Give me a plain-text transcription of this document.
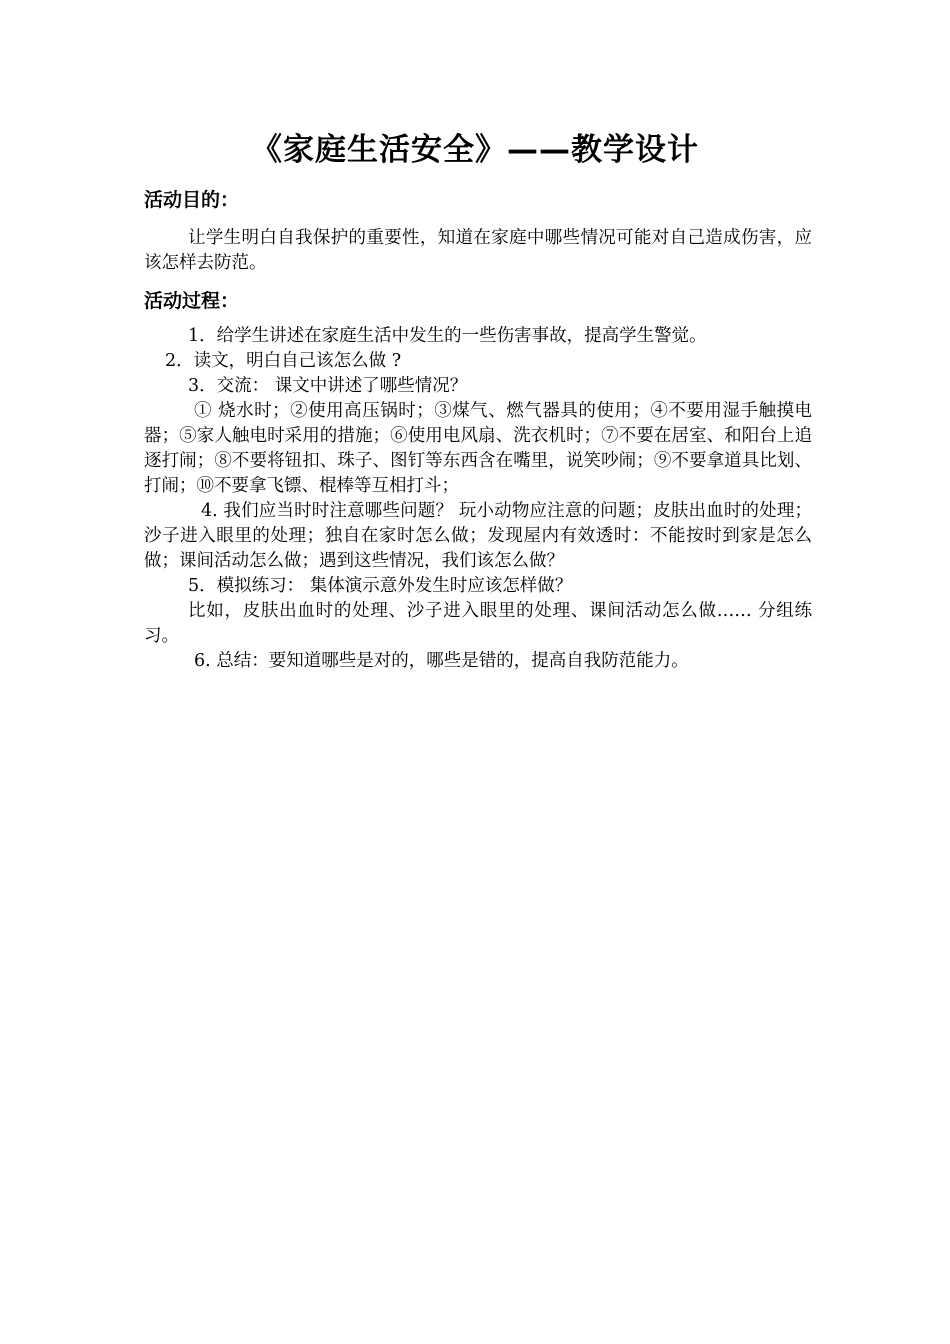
《家庭生活安全》——教学设计
活动目的：

让学生明白自我保护的重要性，知道在家庭中哪些情况可能对自己造成伤害，应该怎样去防范。

活动过程：

1．给学生讲述在家庭生活中发生的一些伤害事故，提高学生警觉。

2．读文，明白自己该怎么做 ?

3．交流： 课文中讲述了哪些情况？

① 烧水时；②使用高压锅时；③煤气、燃气器具的使用；④不要用湿手触摸电器；⑤家人触电时采用的措施；⑥使用电风扇、洗衣机时；⑦不要在居室、和阳台上追逐打闹；⑧不要将钮扣、珠子、图钉等东西含在嘴里，说笑吵闹；⑨不要拿道具比划、打闹；⑩不要拿飞镖、棍棒等互相打斗；

4. 我们应当时时注意哪些问题？ 玩小动物应注意的问题；皮肤出血时的处理；沙子进入眼里的处理；独自在家时怎么做；发现屋内有效透时：不能按时到家是怎么做；课间活动怎么做；遇到这些情况，我们该怎么做？

5．模拟练习： 集体演示意外发生时应该怎样做？

比如，皮肤出血时的处理、沙子进入眼里的处理、课间活动怎么做…… 分组练习。

6. 总结：要知道哪些是对的，哪些是错的，提高自我防范能力。
